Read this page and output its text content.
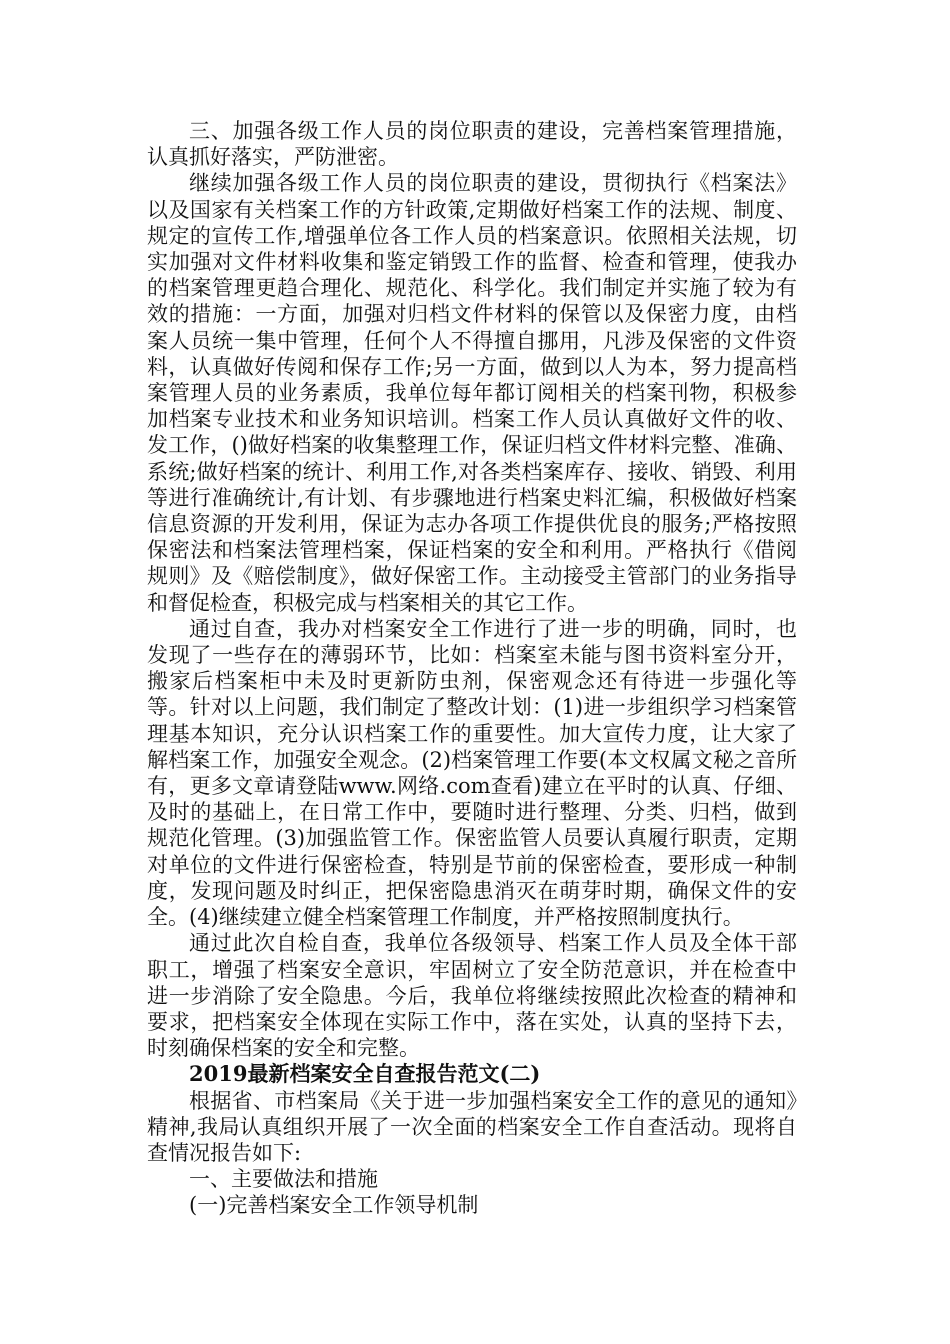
三、加强各级工作人员的岗位职责的建设，完善档案管理措施，认真抓好落实，严防泄密。

继续加强各级工作人员的岗位职责的建设，贯彻执行《档案法》以及国家有关档案工作的方针政策,定期做好档案工作的法规、制度、规定的宣传工作,增强单位各工作人员的档案意识。依照相关法规，切实加强对文件材料收集和鉴定销毁工作的监督、检查和管理，使我办的档案管理更趋合理化、规范化、科学化。我们制定并实施了较为有效的措施：一方面，加强对归档文件材料的保管以及保密力度，由档案人员统一集中管理，任何个人不得擅自挪用，凡涉及保密的文件资料，认真做好传阅和保存工作;另一方面，做到以人为本，努力提高档案管理人员的业务素质，我单位每年都订阅相关的档案刊物，积极参加档案专业技术和业务知识培训。档案工作人员认真做好文件的收、发工作，()做好档案的收集整理工作，保证归档文件材料完整、准确、系统;做好档案的统计、利用工作,对各类档案库存、接收、销毁、利用等进行准确统计,有计划、有步骤地进行档案史料汇编，积极做好档案信息资源的开发利用，保证为志办各项工作提供优良的服务;严格按照保密法和档案法管理档案，保证档案的安全和利用。严格执行《借阅规则》及《赔偿制度》，做好保密工作。主动接受主管部门的业务指导和督促检查，积极完成与档案相关的其它工作。

通过自查，我办对档案安全工作进行了进一步的明确，同时，也发现了一些存在的薄弱环节，比如：档案室未能与图书资料室分开，搬家后档案柜中未及时更新防虫剂，保密观念还有待进一步强化等等。针对以上问题，我们制定了整改计划：(1)进一步组织学习档案管理基本知识，充分认识档案工作的重要性。加大宣传力度，让大家了解档案工作，加强安全观念。(2)档案管理工作要(本文权属文秘之音所有，更多文章请登陆www.网络.com查看)建立在平时的认真、仔细、及时的基础上，在日常工作中，要随时进行整理、分类、归档，做到规范化管理。(3)加强监管工作。保密监管人员要认真履行职责，定期对单位的文件进行保密检查，特别是节前的保密检查，要形成一种制度，发现问题及时纠正，把保密隐患消灭在萌芽时期，确保文件的安全。(4)继续建立健全档案管理工作制度，并严格按照制度执行。

通过此次自检自查，我单位各级领导、档案工作人员及全体干部职工，增强了档案安全意识，牢固树立了安全防范意识，并在检查中进一步消除了安全隐患。今后，我单位将继续按照此次检查的精神和要求，把档案安全体现在实际工作中，落在实处，认真的坚持下去，时刻确保档案的安全和完整。

2019最新档案安全自查报告范文(二)

根据省、市档案局《关于进一步加强档案安全工作的意见的通知》精神,我局认真组织开展了一次全面的档案安全工作自查活动。现将自查情况报告如下:

一、主要做法和措施

(一)完善档案安全工作领导机制
